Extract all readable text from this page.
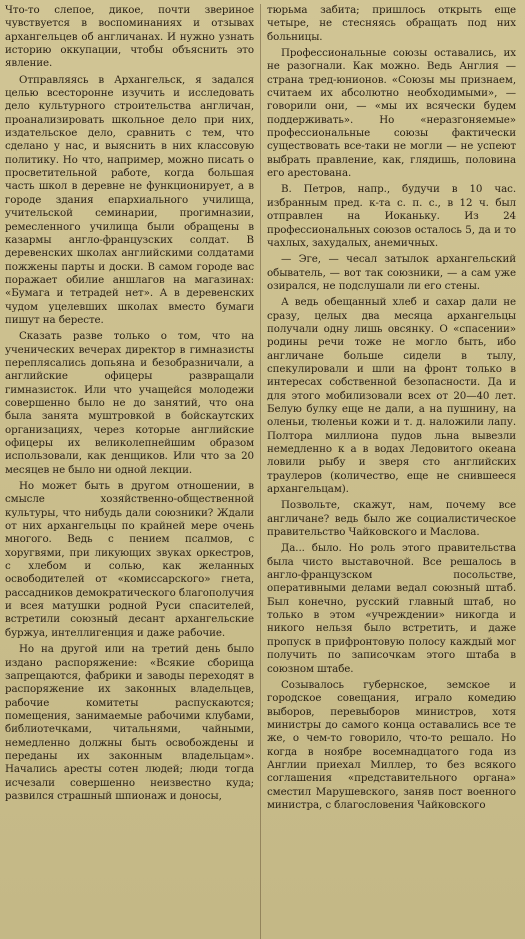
Что-то слепое, дикое, почти звериное чувствуется в воспоминаниях и отзывах архангельцев об англичанах. И нужно узнать историю оккупации, чтобы объяснить это явление.

Отправляясь в Архангельск, я задался целью всесторонне изучить и исследовать дело культурного строительства англичан, проанализировать школьное дело при них, издательское дело, сравнить с тем, что сделано у нас, и выяснить в них классовую политику. Но что, например, можно писать о просветительной работе, когда большая часть школ в деревне не функционирует, а в городе здания епархиального училища, учительской семинарии, прогимназии, ремесленного училища были обращены в казармы англо-французских солдат. В деревенских школах английскими солдатами пожжены парты и доски. В самом городе вас поражает обилие аншлагов на магазинах: «Бумага и тетрадей нет». А в деревенских чудом уцелевших школах вместо бумаги пишут на бересте.

Сказать разве только о том, что на ученических вечерах директор в гимназисты переплясались допьяна и безобразничали, а английские офицеры развращали гимназисток. Или что учащейся молодежи совершенно было не до занятий, что она была занята муштровкой в бойскаутских организациях, через которые английские офицеры их великолепнейшим образом использовали, как денщиков. Или что за 20 месяцев не было ни одной лекции.

Но может быть в другом отношении, в смысле хозяйственно-общественной культуры, что нибудь дали союзники? Ждали от них архангельцы по крайней мере очень многого. Ведь с пением псалмов, с хоругвями, при ликующих звуках оркестров, с хлебом и солью, как желанных освободителей от «комиссарского» гнета, рассадников демократического благополучия и всея матушки родной Руси спасителей, встретили союзный десант архангельские буржуа, интеллигенция и даже рабочие.

Но на другой или на третий день было издано распоряжение: «Всякие сборища запрещаются, фабрики и заводы переходят в распоряжение их законных владельцев, рабочие комитеты распускаются; помещения, занимаемые рабочими клубами, библиотечками, читальнями, чайными, немедленно должны быть освобождены и переданы их законным владельцам». Начались аресты сотен людей; люди тогда исчезали совершенно неизвестно куда; развился страшный шпионаж и доносы,

тюрьма забита; пришлось открыть еще четыре, не стесняясь обращать под них больницы.

Профессиональные союзы оставались, их не разогнали. Как можно. Ведь Англия — страна тред-юнионов. «Союзы мы признаем, считаем их абсолютно необходимыми», — говорили они, — «мы их всячески будем поддерживать». Но «неразгоняемые» профессиональные союзы фактически существовать все-таки не могли — не успеют выбрать правление, как, глядишь, половина его арестована.

В. Петров, напр., будучи в 10 час. избранным пред. к-та с. п. с., в 12 ч. был отправлен на Иоканьку. Из 24 профессиональных союзов осталось 5, да и то чахлых, захудалых, анемичных.

— Эге, — чесал затылок архангельский обыватель, — вот так союзники, — а сам уже озирался, не подслушали ли его стены.

А ведь обещанный хлеб и сахар дали не сразу, целых два месяца архангельцы получали одну лишь овсянку. О «спасении» родины речи тоже не могло быть, ибо англичане больше сидели в тылу, спекулировали и шли на фронт только в интересах собственной безопасности. Да и для этого мобилизовали всех от 20—40 лет. Белую булку еще не дали, а на пушнину, на оленьи, тюленьи кожи и т. д. наложили лапу. Полтора миллиона пудов льна вывезли немедленно к а в водах Ледовитого океана ловили рыбу и зверя сто английских траулеров (количество, еще не снившееся архангельцам).

Позвольте, скажут, нам, почему все англичане? ведь было же социалистическое правительство Чайковского и Маслова.

Да... было. Но роль этого правительства была чисто выставочной. Все решалось в англо-французском посольстве, оперативными делами ведал союзный штаб. Был конечно, русский главный штаб, но только в этом «учреждении» никогда и никого нельзя было встретить, и даже пропуск в прифронтовую полосу каждый мог получить по записочкам этого штаба в союзном штабе.

Созывалось губернское, земское и городское совещания, играло комедию выборов, перевыборов министров, хотя министры до самого конца оставались все те же, о чем-то говорило, что-то решало. Но когда в ноябре восемнадцатого года из Англии приехал Миллер, то без всякого соглашения «представительного органа» сместил Марушевского, заняв пост военного министра, с благословения Чайковского
